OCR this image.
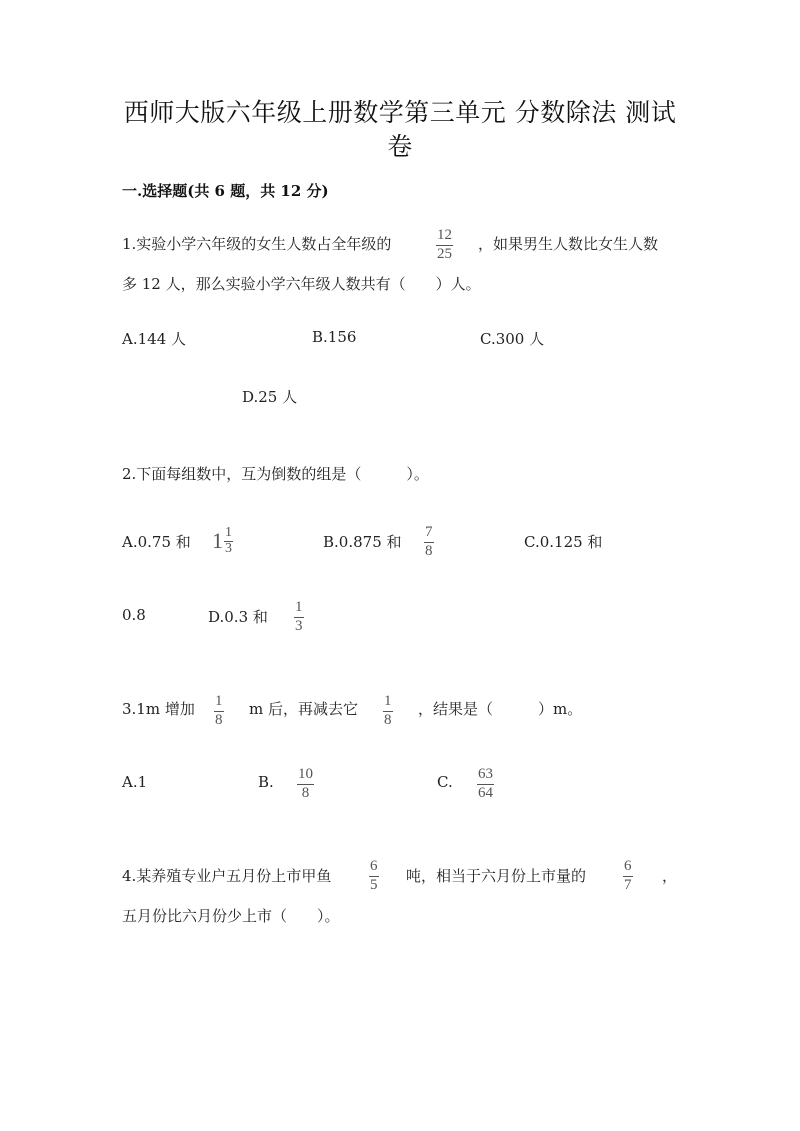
西师大版六年级上册数学第三单元 分数除法 测试
卷
一.选择题(共 6 题，共 12 分)
1.实验小学六年级的女生人数占全年级的	12
25
，如果男生人数比女生人数
多 12 人，那么实验小学六年级人数共有（　　）人。
A.144 人	B.156	C.300 人
D.25 人
2.下面每组数中，互为倒数的组是（　　　）。
A.0.75 和 $1 \frac{1}{3}$	B.0.875 和
7
8	C.0.125 和
0.8	D.0.3 和
1
3
3.1m 增加 1
8
m 后，再减去它 1
8
，结果是（　　　）m。
A.1	B. 10
8
C. 63
64
4.某养殖专业户五月份上市甲鱼
6
5 吨，相当于六月份上市量的
6
7 ，
五月份比六月份少上市（　　）。
